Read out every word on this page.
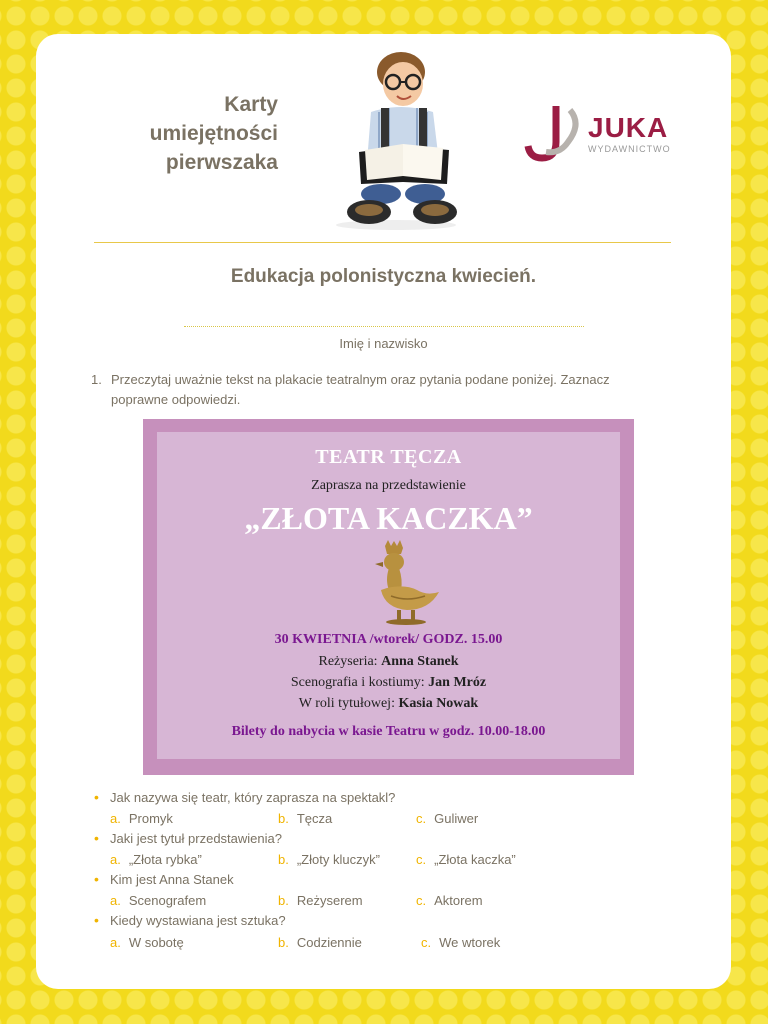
Karty
umiejętności
pierwszaka
JUKA
WYDAWNICTWO
Edukacja polonistyczna kwiecień.
Imię i nazwisko
1. Przeczytaj uważnie tekst na plakacie teatralnym oraz pytania podane poniżej. Zaznacz poprawne odpowiedzi.
TEATR TĘCZA
Zaprasza na przedstawienie
„ZŁOTA KACZKA”
30 KWIETNIA /wtorek/ GODZ. 15.00
Reżyseria: Anna Stanek
Scenografia i kostiumy: Jan Mróz
W roli tytułowej: Kasia Nowak
Bilety do nabycia w kasie Teatru w godz. 10.00-18.00
• Jak nazywa się teatr, który zaprasza na spektakl?
a. Promyk	b. Tęcza	c. Guliwer
• Jaki jest tytuł przedstawienia?
a. „Złota rybka”	b. „Złoty kluczyk”	c. „Złota kaczka”
• Kim jest Anna Stanek
a. Scenografem	b. Reżyserem	c. Aktorem
• Kiedy wystawiana jest sztuka?
a. W sobotę	b. Codziennie	c. We wtorek
